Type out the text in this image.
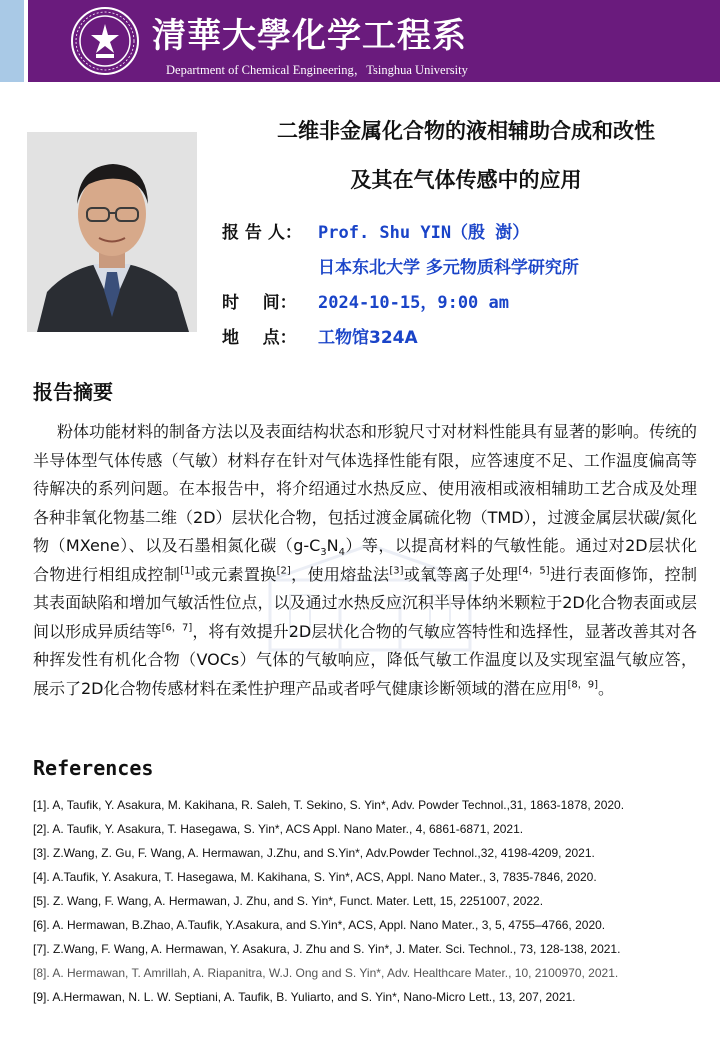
清華大學化学工程系
Department of Chemical Engineering，Tsinghua University
二维非金属化合物的液相辅助合成和改性
及其在气体传感中的应用
报 告 人： Prof. Shu YIN（殷 澍）
日本东北大学 多元物质科学研究所
时    间：	2024-10-15，9:00 am
地    点：	工物馆324A
报告摘要
  粉体功能材料的制备方法以及表面结构状态和形貌尺寸对材料性能具有显著的影响。传统的半导体型气体传感（气敏）材料存在针对气体选择性能有限，应答速度不足、工作温度偏高等待解决的系列问题。在本报告中，将介绍通过水热反应、使用液相或液相辅助工艺合成及处理各种非氧化物基二维（2D）层状化合物，包括过渡金属硫化物（TMD），过渡金属层状碳/氮化物（MXene）、以及石墨相氮化碳$(g-C_3N_4)$等，以提高材料的气敏性能。通过对2D层状化合物进行相组成控制[1]或元素置换[2]，使用熔盐法[3]或氧等离子处理[4，5]进行表面修饰，控制其表面缺陷和增加气敏活性位点，以及通过水热反应沉积半导体纳米颗粒于2D化合物表面或层间以形成异质结等[6，7]，将有效提升2D层状化合物的气敏应答特性和选择性，显著改善其对各种挥发性有机化合物（VOCs）气体的气敏响应，降低气敏工作温度以及实现室温气敏应答， 展示了2D化合物传感材料在柔性护理产品或者呼气健康诊断领域的潜在应用[8，9]。
References
[1]. A, Taufik, Y. Asakura, M. Kakihana, R. Saleh, T. Sekino, S. Yin*, Adv. Powder Technol.,31, 1863-1878, 2020.
[2]. A. Taufik, Y. Asakura, T. Hasegawa, S. Yin*, ACS Appl. Nano Mater., 4, 6861-6871, 2021.
[3]. Z.Wang, Z. Gu, F. Wang, A. Hermawan, J.Zhu, and S.Yin*, Adv.Powder Technol.,32, 4198-4209, 2021.
[4]. A.Taufik, Y. Asakura, T. Hasegawa, M. Kakihana, S. Yin*, ACS, Appl. Nano Mater., 3, 7835-7846, 2020.
[5]. Z. Wang, F. Wang, A. Hermawan, J. Zhu, and S. Yin*, Funct. Mater. Lett, 15, 2251007, 2022.
[6]. A. Hermawan, B.Zhao, A.Taufik, Y.Asakura, and S.Yin*, ACS, Appl. Nano Mater., 3, 5, 4755–4766, 2020.
[7]. Z.Wang, F. Wang, A. Hermawan, Y. Asakura, J. Zhu and S. Yin*, J. Mater. Sci. Technol., 73, 128-138, 2021.
[8]. A. Hermawan, T. Amrillah, A. Riapanitra, W.J. Ong and S. Yin*, Adv. Healthcare Mater., 10, 2100970, 2021.
[9]. A.Hermawan, N. L. W. Septiani, A. Taufik, B. Yuliarto, and S. Yin*, Nano-Micro Lett., 13, 207, 2021.
